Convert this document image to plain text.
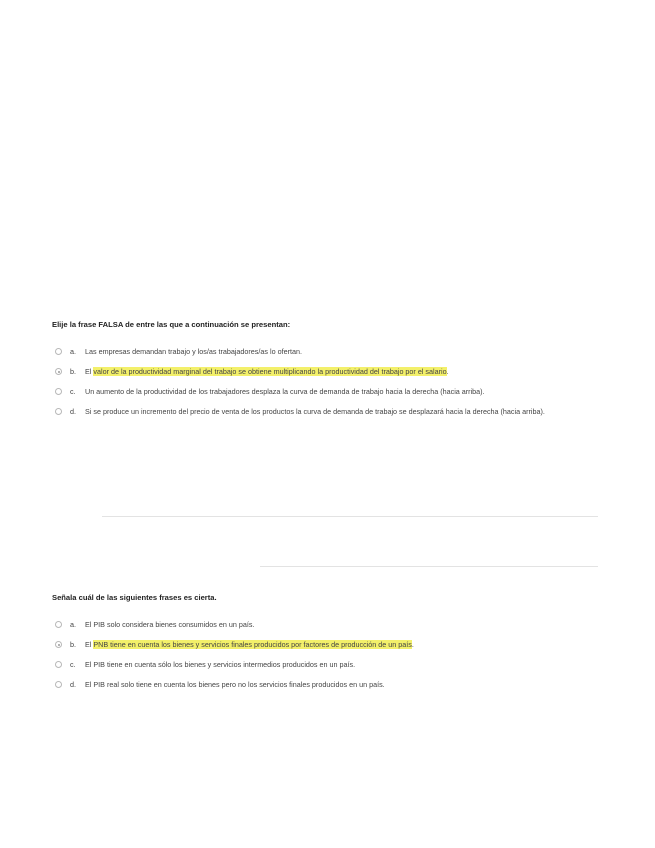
Elije la frase FALSA de entre las que a continuación se presentan:

a.	Las empresas demandan trabajo y los/as trabajadores/as lo ofertan.
b.	El valor de la productividad marginal del trabajo se obtiene multiplicando la productividad del trabajo por el salario.
c.	Un aumento de la productividad de los trabajadores desplaza la curva de demanda de trabajo hacia la derecha (hacia arriba).
d.	Si se produce un incremento del precio de venta de los productos la curva de demanda de trabajo se desplazará hacia la derecha (hacia arriba).

Señala cuál de las siguientes frases es cierta.

a.	El PIB solo considera bienes consumidos en un país.
b.	El PNB tiene en cuenta los bienes y servicios finales producidos por factores de producción de un país.
c.	El PIB tiene en cuenta sólo los bienes y servicios intermedios producidos en un país.
d.	El PIB real solo tiene en cuenta los bienes pero no los servicios finales producidos en un país.
